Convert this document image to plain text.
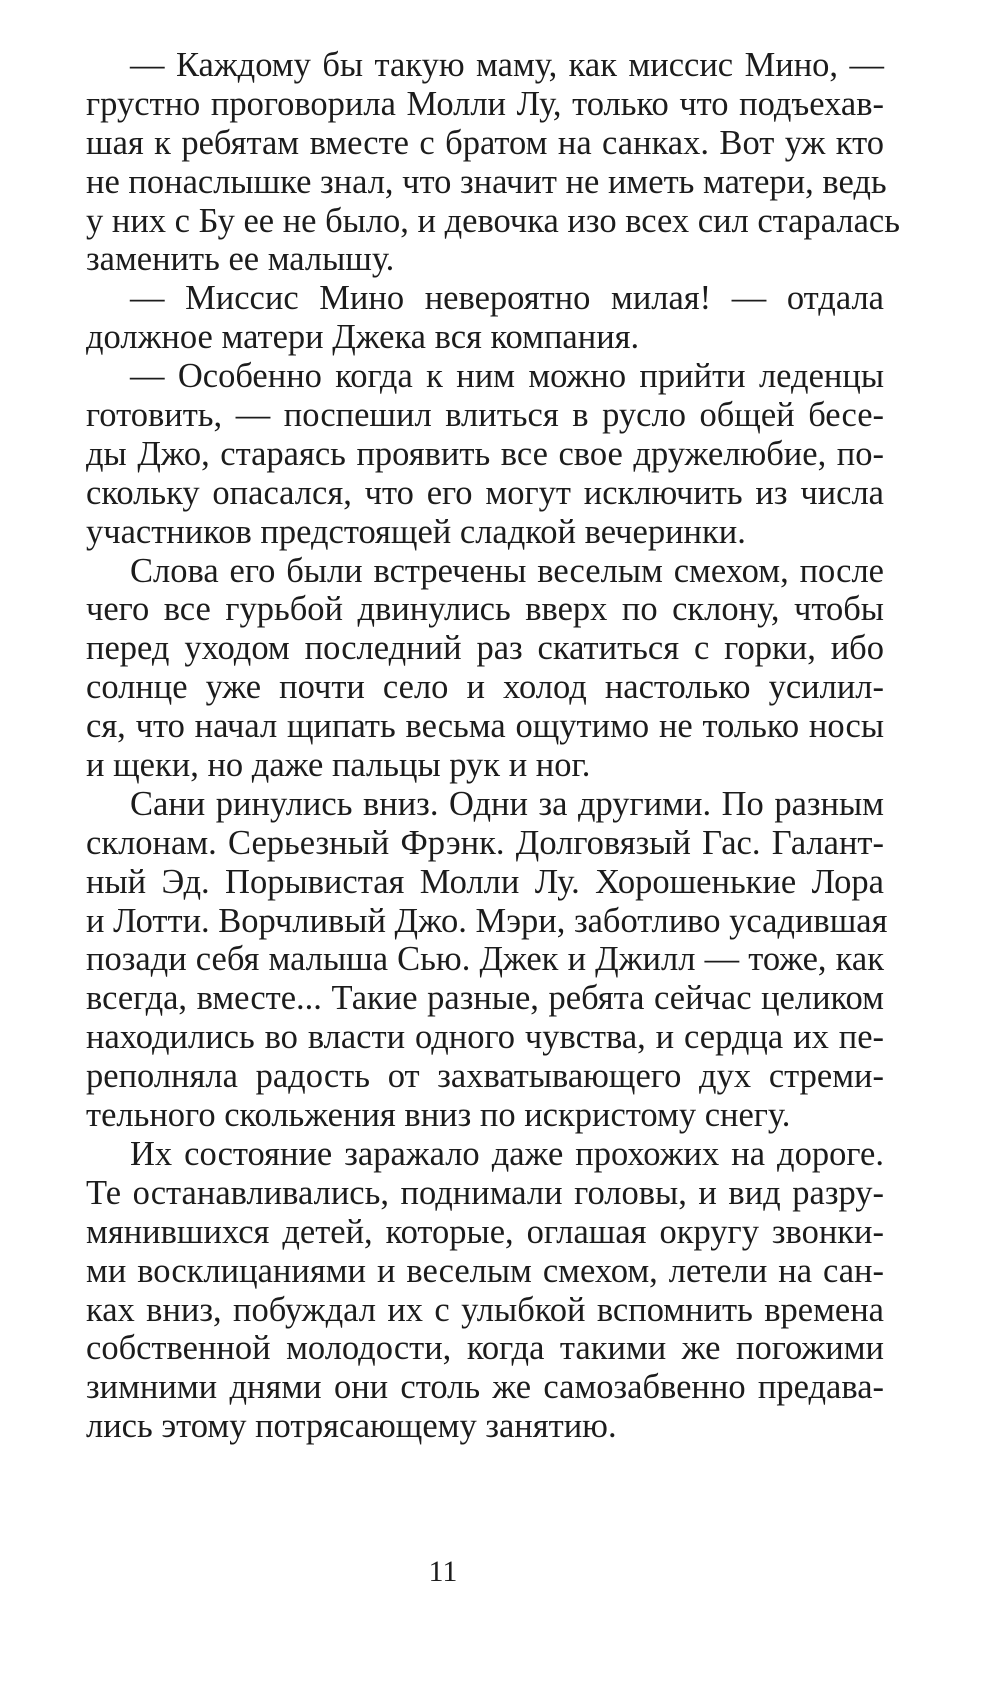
— Каждому бы такую маму, как миссис Мино, —
грустно проговорила Молли Лу, только что подъехав-
шая к ребятам вместе с братом на санках. Вот уж кто
не понаслышке знал, что значит не иметь матери, ведь
у них с Бу ее не было, и девочка изо всех сил старалась
заменить ее малышу.
— Миссис Мино невероятно милая! — отдала
должное матери Джека вся компания.
— Особенно когда к ним можно прийти леденцы
готовить, — поспешил влиться в русло общей бесе-
ды Джо, стараясь проявить все свое дружелюбие, по-
скольку опасался, что его могут исключить из числа
участников предстоящей сладкой вечеринки.
Слова его были встречены веселым смехом, после
чего все гурьбой двинулись вверх по склону, чтобы
перед уходом последний раз скатиться с горки, ибо
солнце уже почти село и холод настолько усилил-
ся, что начал щипать весьма ощутимо не только носы
и щеки, но даже пальцы рук и ног.
Сани ринулись вниз. Одни за другими. По разным
склонам. Серьезный Фрэнк. Долговязый Гас. Галант-
ный Эд. Порывистая Молли Лу. Хорошенькие Лора
и Лотти. Ворчливый Джо. Мэри, заботливо усадившая
позади себя малыша Сью. Джек и Джилл — тоже, как
всегда, вместе... Такие разные, ребята сейчас целиком
находились во власти одного чувства, и сердца их пе-
реполняла радость от захватывающего дух стреми-
тельного скольжения вниз по искристому снегу.
Их состояние заражало даже прохожих на дороге.
Те останавливались, поднимали головы, и вид разру-
мянившихся детей, которые, оглашая округу звонки-
ми восклицаниями и веселым смехом, летели на сан-
ках вниз, побуждал их с улыбкой вспомнить времена
собственной молодости, когда такими же погожими
зимними днями они столь же самозабвенно предава-
лись этому потрясающему занятию.
11
